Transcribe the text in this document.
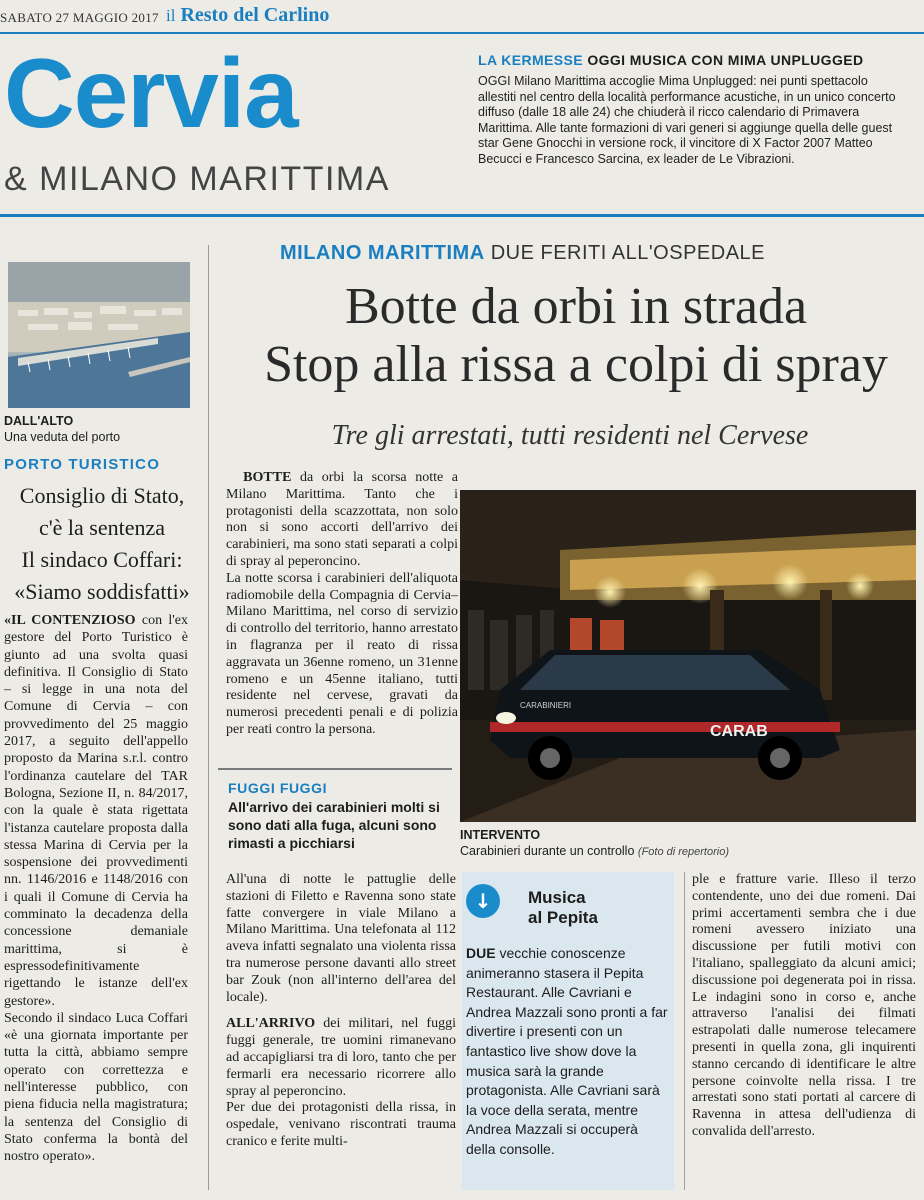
SABATO 27 MAGGIO 2017 il Resto del Carlino
Cervia
& MILANO MARITTIMA
LA KERMESSE OGGI MUSICA CON MIMA UNPLUGGED
OGGI Milano Marittima accoglie Mima Unplugged: nei punti spettacolo allestiti nel centro della località performance acustiche, in un unico concerto diffuso (dalle 18 alle 24) che chiuderà il ricco calendario di Primavera Marittima. Alle tante formazioni di vari generi si aggiunge quella delle guest star Gene Gnocchi in versione rock, il vincitore di X Factor 2007 Matteo Becucci e Francesco Sarcina, ex leader de Le Vibrazioni.
DALL'ALTO
Una veduta del porto
PORTO TURISTICO
Consiglio di Stato,
c'è la sentenza
Il sindaco Coffari:
«Siamo soddisfatti»

«IL CONTENZIOSO con l'ex gestore del Porto Turistico è giunto ad una svolta quasi definitiva. Il Consiglio di Stato – si legge in una nota del Comune di Cervia – con provvedimento del 25 maggio 2017, a seguito dell'appello proposto da Marina s.r.l. contro l'ordinanza cautelare del TAR Bologna, Sezione II, n. 84/2017, con la quale è stata rigettata l'istanza cautelare proposta dalla stessa Marina di Cervia per la sospensione dei provvedimenti nn. 1146/2016 e 1148/2016 con i quali il Comune di Cervia ha comminato la decadenza della concessione demaniale marittima, si è espressodefinitivamente rigettando le istanze dell'ex gestore».

Secondo il sindaco Luca Coffari «è una giornata importante per tutta la città, abbiamo sempre operato con correttezza e nell'interesse pubblico, con piena fiducia nella magistratura; la sentenza del Consiglio di Stato conferma la bontà del nostro operato».

MILANO MARITTIMA DUE FERITI ALL'OSPEDALE
Botte da orbi in strada
Stop alla rissa a colpi di spray
Tre gli arrestati, tutti residenti nel Cervese

BOTTE da orbi la scorsa notte a Milano Marittima. Tanto che i protagonisti della scazzottata, non solo non si sono accorti dell'arrivo dei carabinieri, ma sono stati separati a colpi di spray al peperoncino.

La notte scorsa i carabinieri dell'aliquota radiomobile della Compagnia di Cervia–Milano Marittima, nel corso di servizio di controllo del territorio, hanno arrestato in flagranza per il reato di rissa aggravata un 36enne romeno, un 31enne romeno e un 45enne italiano, tutti residente nel cervese, gravati da numerosi precedenti penali e di polizia per reati contro la persona.	CARAB
CARABINIERI
INTERVENTO
Carabinieri durante un controllo (Foto di repertorio)
FUGGI FUGGI
All'arrivo dei carabinieri molti si sono dati alla fuga, alcuni sono rimasti a picchiarsi

All'una di notte le pattuglie delle stazioni di Filetto e Ravenna sono state fatte convergere in viale Milano a Milano Marittima. Una telefonata al 112 aveva infatti segnalato una violenta rissa tra numerose persone davanti allo street bar Zouk (non all'interno dell'area del locale).

ALL'ARRIVO dei militari, nel fuggi fuggi generale, tre uomini rimanevano ad accapigliarsi tra di loro, tanto che per fermarli era necessario ricorrere allo spray al peperoncino.

Per due dei protagonisti della rissa, in ospedale, venivano riscontrati trauma cranico e ferite multi-

↓	Musica
al Pepita
DUE vecchie conoscenze animeranno stasera il Pepita Restaurant. Alle Cavriani e Andrea Mazzali sono pronti a far divertire i presenti con un fantastico live show dove la musica sarà la grande protagonista. Alle Cavriani sarà la voce della serata, mentre Andrea Mazzali si occuperà della consolle.
ple e fratture varie. Illeso il terzo contendente, uno dei due romeni. Dai primi accertamenti sembra che i due romeni avessero iniziato una discussione per futili motivi con l'italiano, spalleggiato da alcuni amici; discussione poi degenerata poi in rissa. Le indagini sono in corso e, anche attraverso l'analisi dei filmati estrapolati dalle numerose telecamere presenti in quella zona, gli inquirenti stanno cercando di identificare le altre persone coinvolte nella rissa. I tre arrestati sono stati portati al carcere di Ravenna in attesa dell'udienza di convalida dell'arresto.
